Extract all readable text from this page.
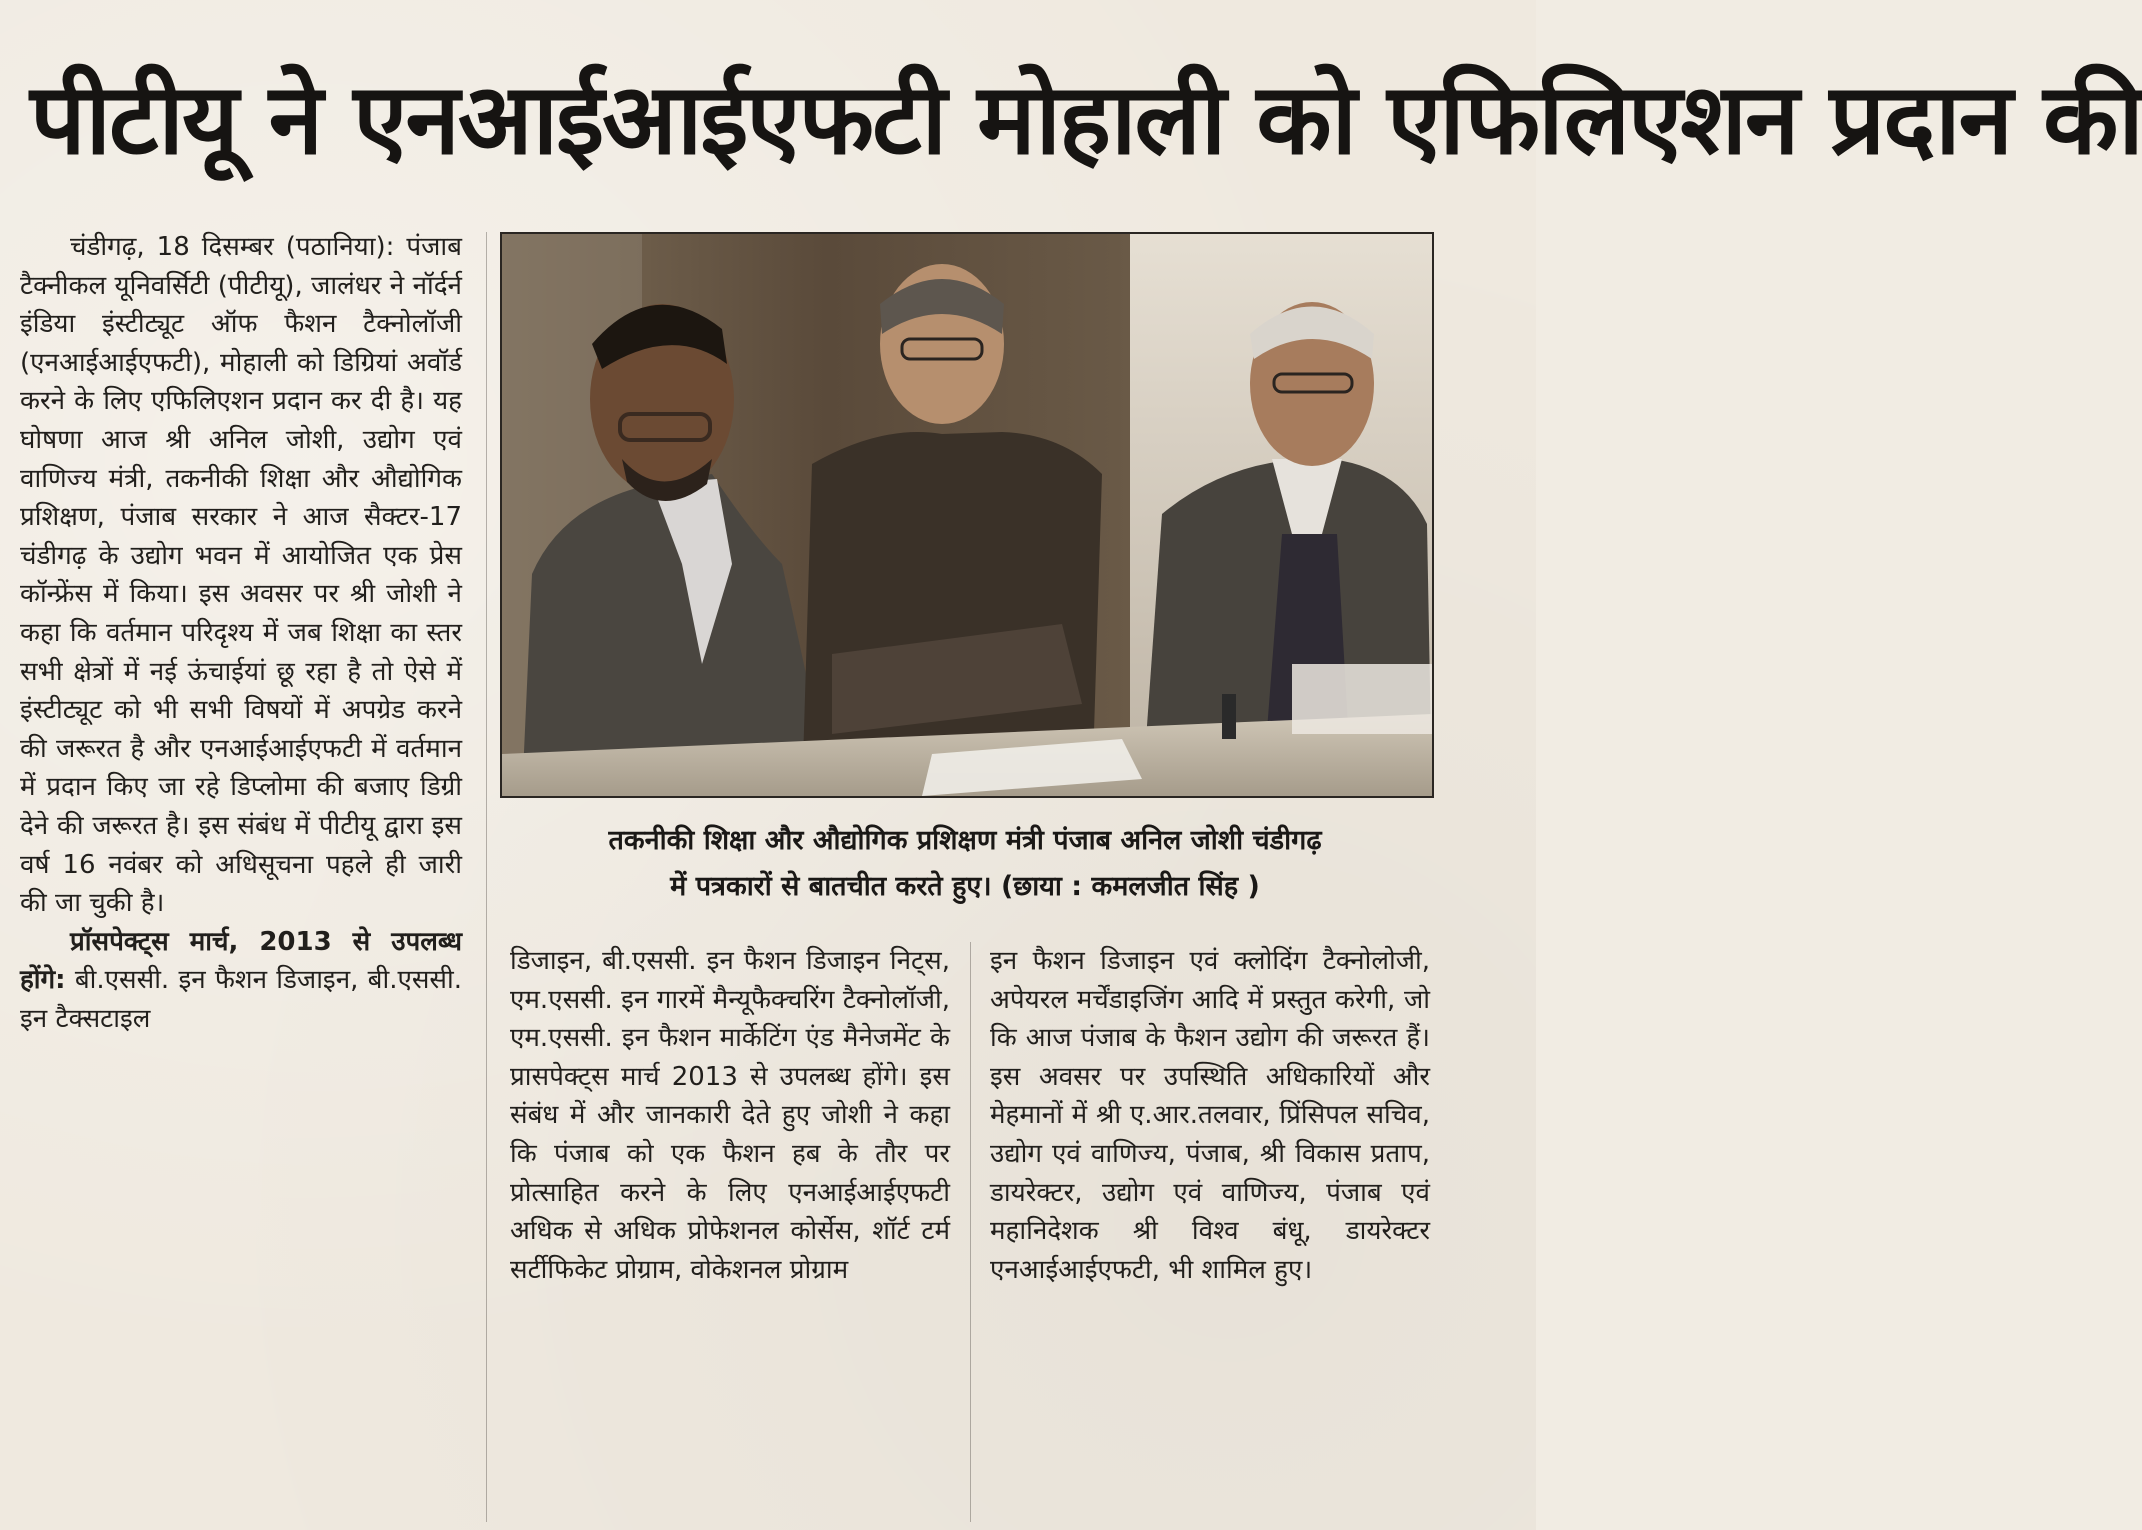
पीटीयू ने एनआईआईएफटी मोहाली को एफिलिएशन प्रदान की

चंडीगढ़, 18 दिसम्बर (पठानिया): पंजाब टैक्नीकल यूनिवर्सिटी (पीटीयू), जालंधर ने नॉर्दर्न इंडिया इंस्टीट्यूट ऑफ फैशन टैक्नोलॉजी (एनआईआईएफटी), मोहाली को डिग्रियां अवॉर्ड करने के लिए एफिलिएशन प्रदान कर दी है। यह घोषणा आज श्री अनिल जोशी, उद्योग एवं वाणिज्य मंत्री, तकनीकी शिक्षा और औद्योगिक प्रशिक्षण, पंजाब सरकार ने आज सैक्टर-17 चंडीगढ़ के उद्योग भवन में आयोजित एक प्रेस कॉन्फ्रेंस में किया। इस अवसर पर श्री जोशी ने कहा कि वर्तमान परिदृश्य में जब शिक्षा का स्तर सभी क्षेत्रों में नई ऊंचाईयां छू रहा है तो ऐसे में इंस्टीट्यूट को भी सभी विषयों में अपग्रेड करने की जरूरत है और एनआईआईएफटी में वर्तमान में प्रदान किए जा रहे डिप्लोमा की बजाए डिग्री देने की जरूरत है। इस संबंध में पीटीयू द्वारा इस वर्ष 16 नवंबर को अधिसूचना पहले ही जारी की जा चुकी है।

प्रॉसपेक्ट्स मार्च, 2013 से उपलब्ध होंगे: बी.एससी. इन फैशन डिजाइन, बी.एससी. इन टैक्सटाइल

तकनीकी शिक्षा और औद्योगिक प्रशिक्षण मंत्री पंजाब अनिल जोशी चंडीगढ़

में पत्रकारों से बातचीत करते हुए। (छाया : कमलजीत सिंह )

डिजाइन, बी.एससी. इन फैशन डिजाइन निट्स, एम.एससी. इन गारमें मैन्यूफैक्चरिंग टैक्नोलॉजी, एम.एससी. इन फैशन मार्केटिंग एंड मैनेजमेंट के प्रासपेक्ट्स मार्च 2013 से उपलब्ध होंगे। इस संबंध में और जानकारी देते हुए जोशी ने कहा कि पंजाब को एक फैशन हब के तौर पर प्रोत्साहित करने के लिए एनआईआईएफटी अधिक से अधिक प्रोफेशनल कोर्सेस, शॉर्ट टर्म सर्टीफिकेट प्रोग्राम, वोकेशनल प्रोग्राम

इन फैशन डिजाइन एवं क्लोदिंग टैक्नोलोजी, अपेयरल मर्चेंडाइजिंग आदि में प्रस्तुत करेगी, जो कि आज पंजाब के फैशन उद्योग की जरूरत हैं। इस अवसर पर उपस्थिति अधिकारियों और मेहमानों में श्री ए.आर.तलवार, प्रिंसिपल सचिव, उद्योग एवं वाणिज्य, पंजाब, श्री विकास प्रताप, डायरेक्टर, उद्योग एवं वाणिज्य, पंजाब एवं महानिदेशक श्री विश्व बंधू, डायरेक्टर एनआईआईएफटी, भी शामिल हुए।
